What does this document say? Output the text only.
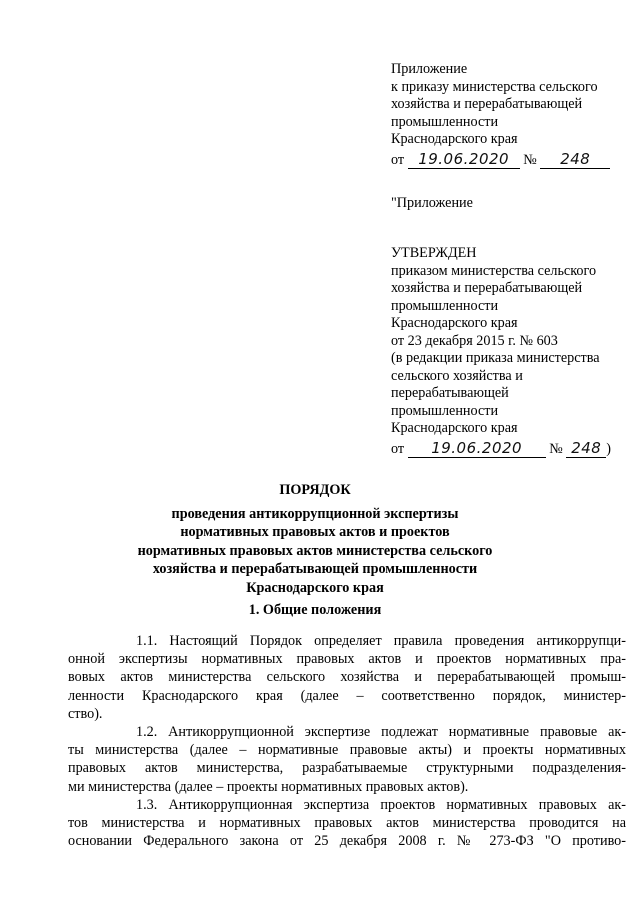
Приложение
к приказу министерства сельского
хозяйства и перерабатывающей
промышленности
Краснодарского края
от 19.06.2020 № 248
"Приложение
УТВЕРЖДЕН
приказом министерства сельского
хозяйства и перерабатывающей
промышленности
Краснодарского края
от 23 декабря 2015 г. № 603
(в редакции приказа министерства
сельского хозяйства и
перерабатывающей
промышленности
Краснодарского края
от 19.06.2020 № 248 )
ПОРЯДОК
проведения антикоррупционной экспертизы
нормативных правовых актов и проектов
нормативных правовых актов министерства сельского
хозяйства и перерабатывающей промышленности
Краснодарского края
1. Общие положения
1.1. Настоящий Порядок определяет правила проведения антикоррупци-
онной экспертизы нормативных правовых актов и проектов нормативных пра-
вовых актов министерства сельского хозяйства и перерабатывающей промыш-
ленности Краснодарского края (далее – соответственно порядок, министер-
ство).
1.2. Антикоррупционной экспертизе подлежат нормативные правовые ак-
ты министерства (далее – нормативные правовые акты) и проекты нормативных
правовых актов министерства, разрабатываемые структурными подразделения-
ми министерства (далее – проекты нормативных правовых актов).
1.3. Антикоррупционная экспертиза проектов нормативных правовых ак-
тов министерства и нормативных правовых актов министерства проводится на
основании Федерального закона от 25 декабря 2008 г. № 273-ФЗ "О противо-
